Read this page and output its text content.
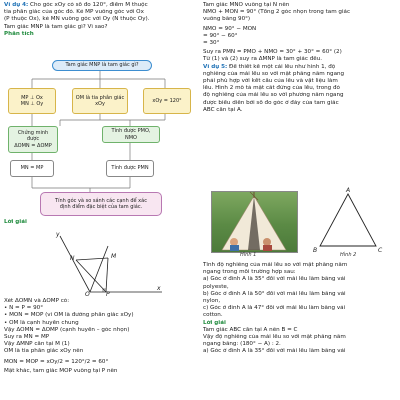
Ví dụ 4: Cho góc xOy có số đo 120°, điểm M thuộc
tia phân giác của góc đó. Kẻ MP vuông góc với Ox
(P thuộc Ox), kẻ MN vuông góc với Oy (N thuộc Oy).
Tam giác MNP là tam giác gì? Vì sao?
Phân tích
Tam giác MNP là tam giác gì?
MP ⊥ Ox
MN ⊥ Oy
OM là tia phân giác
xOy
xOy = 120°
Chứng minh được
ΔOMN = ΔOMP
Tính được PMO, NMO
MN = MP	Tính được PMN
Tính góc và so sánh các cạnh để xác
định điểm đặc biệt của tam giác.
Lời giải
y
N	M
O	P
x
Xét ΔOMN và ΔOMP có:
• N = P = 90°
• MON = MOP (vì OM là đường phân giác xOy)
• OM là cạnh huyền chung
Vậy ΔOMN = ΔOMP (cạnh huyền – góc nhọn)
Suy ra MN = MP
Vậy ΔMNP cân tại M (1)
OM là tia phân giác xOy nên
MON = MOP = xOy/2 = 120°/2 = 60°
Mặt khác, tam giác MOP vuông tại P nên
Tam giác MNO vuông tại N nên
NMO + MON = 90° (Tổng 2 góc nhọn trong tam giác
vuông bằng 90°)
NMO = 90° − MON
= 90° − 60°
= 30°
Suy ra PMN = PMO + NMO = 30° + 30° = 60° (2)
Từ (1) và (2) suy ra ΔMNP là tam giác đều.
Ví dụ 5: Để thiết kế một cái lều như hình 1, độ
nghiêng của mái lều so với mặt phẳng nằm ngang
phải phù hợp với kết cấu của lều và vật liệu làm
lều. Hình 2 mô tả mặt cắt đứng của lều, trong đó
độ nghiêng của mái lều so với phương nằm ngang
được biểu diễn bởi số đo góc ở đáy của tam giác
ABC cân tại A.
Hình 1
A
B	C
Hình 2
Tính độ nghiêng của mái lều so với mặt phẳng nằm
ngang trong mỗi trường hợp sau:
a) Góc ở đỉnh A là 35° đối với mái lều làm bằng vải
polyeste,
b) Góc ở đỉnh A là 50° đối với mái lều làm bằng vải
nylon,
c) Góc ở đỉnh A là 47° đối với mái lều làm bằng vải
cotton.
Lời giải
Tam giác ABC cân tại A nên B = C
Vậy độ nghiêng của mái lều so với mặt phẳng nằm
ngang bằng: (180° − Â) : 2.
a) Góc ở đỉnh A là 35° đối với mái lều làm bằng vải
